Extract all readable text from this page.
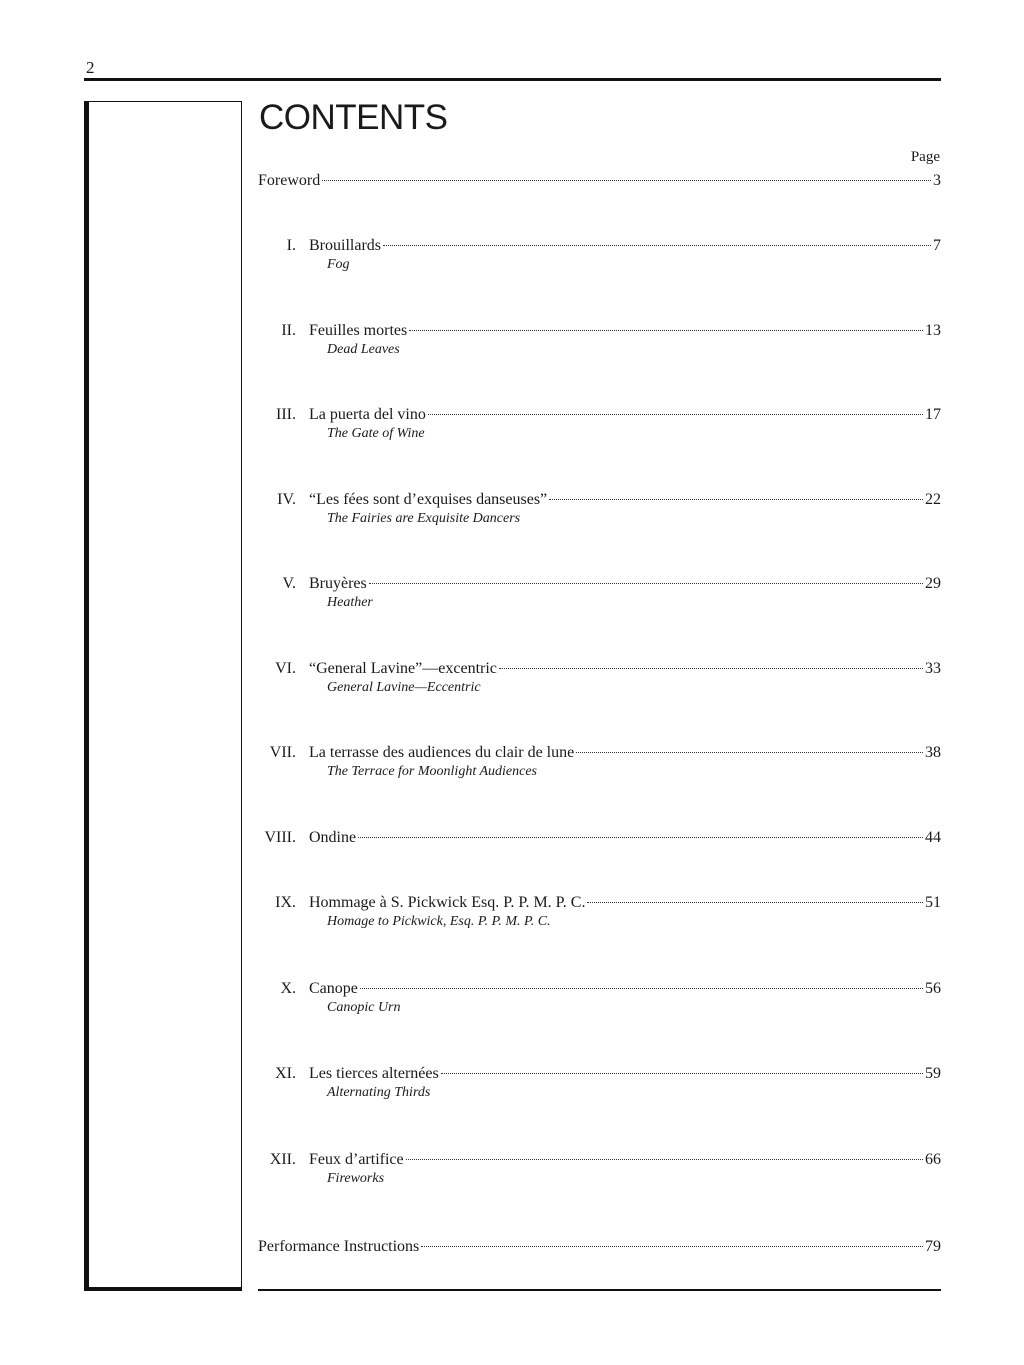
2
CONTENTS
Page
Foreword	3
I. Brouillards	7
Fog
II. Feuilles mortes	13
Dead Leaves
III. La puerta del vino	17
The Gate of Wine
IV. “Les fées sont d’exquises danseuses”	22
The Fairies are Exquisite Dancers
V. Bruyères	29
Heather
VI. “General Lavine”—excentric	33
General Lavine—Eccentric
VII. La terrasse des audiences du clair de lune	38
The Terrace for Moonlight Audiences
VIII. Ondine	44
IX. Hommage à S. Pickwick Esq. P. P. M. P. C.	51
Homage to Pickwick, Esq. P. P. M. P. C.
X. Canope	56
Canopic Urn
XI. Les tierces alternées	59
Alternating Thirds
XII. Feux d’artifice	66
Fireworks
Performance Instructions	79
